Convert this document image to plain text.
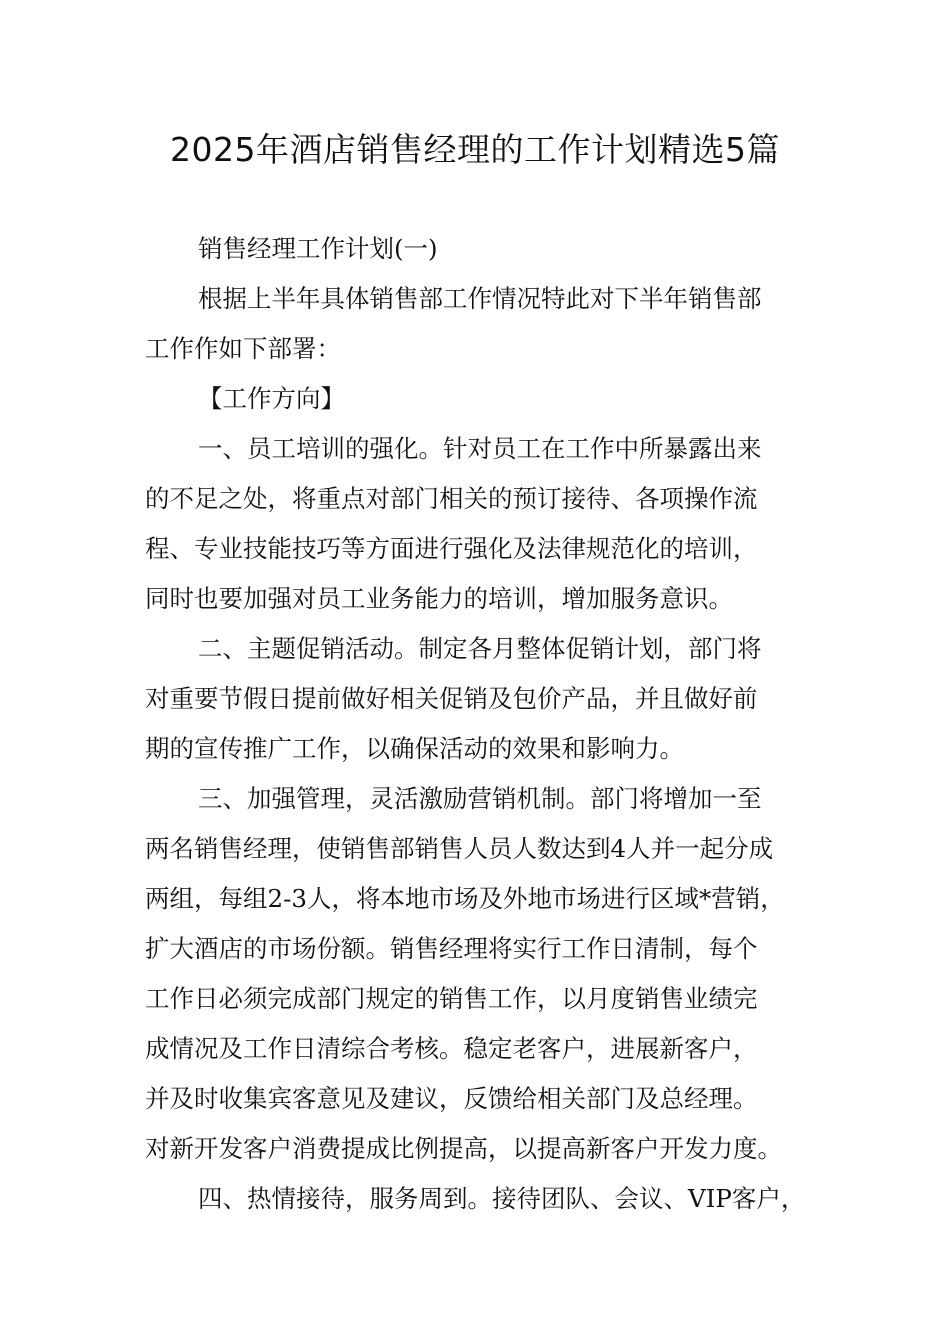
2025年酒店销售经理的工作计划精选5篇
销售经理工作计划(一)
根据上半年具体销售部工作情况特此对下半年销售部
工作作如下部署：
【工作方向】
一、员工培训的强化。针对员工在工作中所暴露出来
的不足之处，将重点对部门相关的预订接待、各项操作流
程、专业技能技巧等方面进行强化及法律规范化的培训，
同时也要加强对员工业务能力的培训，增加服务意识。
二、主题促销活动。制定各月整体促销计划，部门将
对重要节假日提前做好相关促销及包价产品，并且做好前
期的宣传推广工作，以确保活动的效果和影响力。
三、加强管理，灵活激励营销机制。部门将增加一至
两名销售经理，使销售部销售人员人数达到4人并一起分成
两组，每组2-3人，将本地市场及外地市场进行区域*营销，
扩大酒店的市场份额。销售经理将实行工作日清制，每个
工作日必须完成部门规定的销售工作，以月度销售业绩完
成情况及工作日清综合考核。稳定老客户，进展新客户，
并及时收集宾客意见及建议，反馈给相关部门及总经理。
对新开发客户消费提成比例提高，以提高新客户开发力度。
四、热情接待，服务周到。接待团队、会议、VIP客户，
